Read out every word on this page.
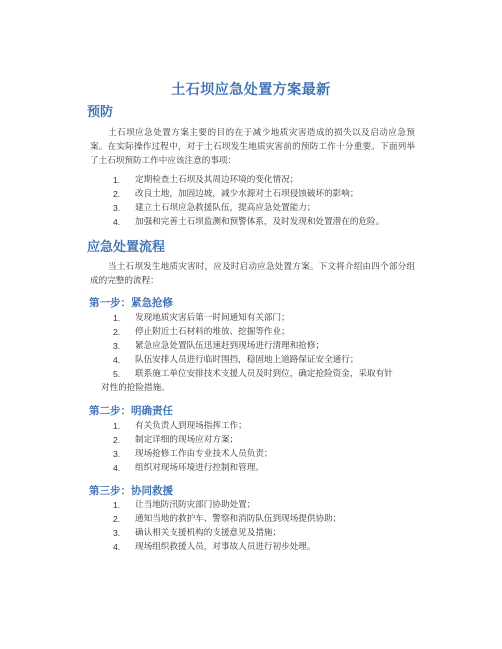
土石坝应急处置方案最新
预防
土石坝应急处置方案主要的目的在于减少地质灾害造成的损失以及启动应急预案。在实际操作过程中，对于土石坝发生地质灾害前的预防工作十分重要。下面列举了土石坝预防工作中应该注意的事项：
1. 定期检查土石坝及其周边环境的变化情况；
2. 改良土地，加固边坡，减少水源对土石坝侵蚀破坏的影响；
3. 建立土石坝应急救援队伍，提高应急处置能力；
4. 加强和完善土石坝监测和预警体系，及时发现和处置潜在的危险。
应急处置流程
当土石坝发生地质灾害时，应及时启动应急处置方案。下文将介绍由四个部分组成的完整的流程：
第一步：紧急抢修
1. 发现地质灾害后第一时间通知有关部门；
2. 停止附近土石材料的堆放、挖掘等作业；
3. 紧急应急处置队伍迅速赶到现场进行清理和抢修；
4. 队伍安排人员进行临时围挡，稳固地上道路保证安全通行；
5. 联系施工单位安排技术支援人员及时到位，确定抢险资金，采取有针
对性的抢险措施。
第二步：明确责任
1. 有关负责人到现场指挥工作；
2. 制定详细的现场应对方案；
3. 现场抢修工作由专业技术人员负责；
4. 组织对现场环境进行控制和管理。
第三步：协同救援
1. 让当地防汛防灾部门协助处置；
2. 通知当地的救护车、警察和消防队伍到现场提供协助；
3. 确认相关支援机构的支援意见及措施；
4. 现场组织救援人员，对事故人员进行初步处理。
